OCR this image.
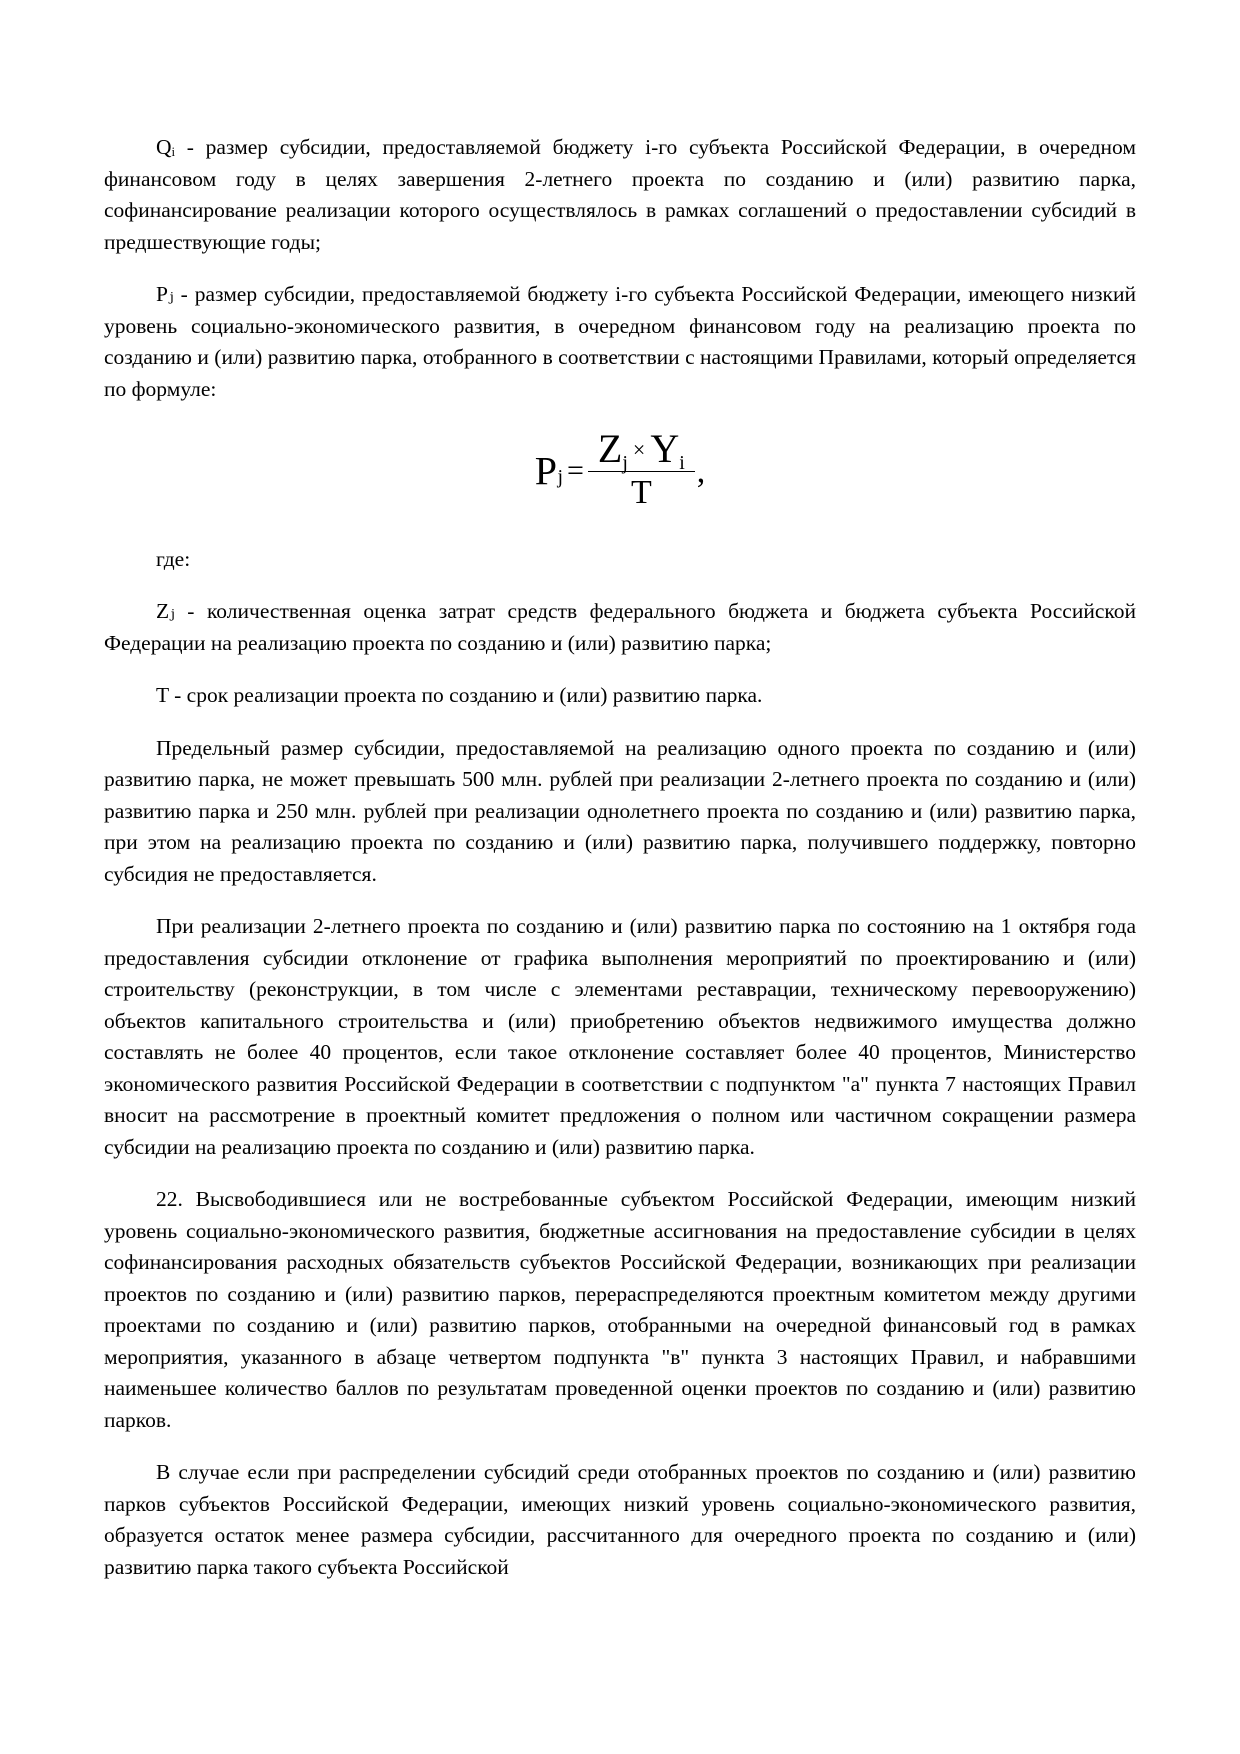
Qᵢ - размер субсидии, предоставляемой бюджету i-го субъекта Российской Федерации, в очередном финансовом году в целях завершения 2-летнего проекта по созданию и (или) развитию парка, софинансирование реализации которого осуществлялось в рамках соглашений о предоставлении субсидий в предшествующие годы;

Pⱼ - размер субсидии, предоставляемой бюджету i-го субъекта Российской Федерации, имеющего низкий уровень социально-экономического развития, в очередном финансовом году на реализацию проекта по созданию и (или) развитию парка, отобранного в соответствии с настоящими Правилами, который определяется по формуле:

$P_j = \frac{Z_j\times Y_i}{T}$ ,

где:

Zⱼ - количественная оценка затрат средств федерального бюджета и бюджета субъекта Российской Федерации на реализацию проекта по созданию и (или) развитию парка;

T - срок реализации проекта по созданию и (или) развитию парка.

Предельный размер субсидии, предоставляемой на реализацию одного проекта по созданию и (или) развитию парка, не может превышать 500 млн. рублей при реализации 2-летнего проекта по созданию и (или) развитию парка и 250 млн. рублей при реализации однолетнего проекта по созданию и (или) развитию парка, при этом на реализацию проекта по созданию и (или) развитию парка, получившего поддержку, повторно субсидия не предоставляется.

При реализации 2-летнего проекта по созданию и (или) развитию парка по состоянию на 1 октября года предоставления субсидии отклонение от графика выполнения мероприятий по проектированию и (или) строительству (реконструкции, в том числе с элементами реставрации, техническому перевооружению) объектов капитального строительства и (или) приобретению объектов недвижимого имущества должно составлять не более 40 процентов, если такое отклонение составляет более 40 процентов, Министерство экономического развития Российской Федерации в соответствии с подпунктом "а" пункта 7 настоящих Правил вносит на рассмотрение в проектный комитет предложения о полном или частичном сокращении размера субсидии на реализацию проекта по созданию и (или) развитию парка.

22. Высвободившиеся или не востребованные субъектом Российской Федерации, имеющим низкий уровень социально-экономического развития, бюджетные ассигнования на предоставление субсидии в целях софинансирования расходных обязательств субъектов Российской Федерации, возникающих при реализации проектов по созданию и (или) развитию парков, перераспределяются проектным комитетом между другими проектами по созданию и (или) развитию парков, отобранными на очередной финансовый год в рамках мероприятия, указанного в абзаце четвертом подпункта "в" пункта 3 настоящих Правил, и набравшими наименьшее количество баллов по результатам проведенной оценки проектов по созданию и (или) развитию парков.

В случае если при распределении субсидий среди отобранных проектов по созданию и (или) развитию парков субъектов Российской Федерации, имеющих низкий уровень социально-экономического развития, образуется остаток менее размера субсидии, рассчитанного для очередного проекта по созданию и (или) развитию парка такого субъекта Российской
